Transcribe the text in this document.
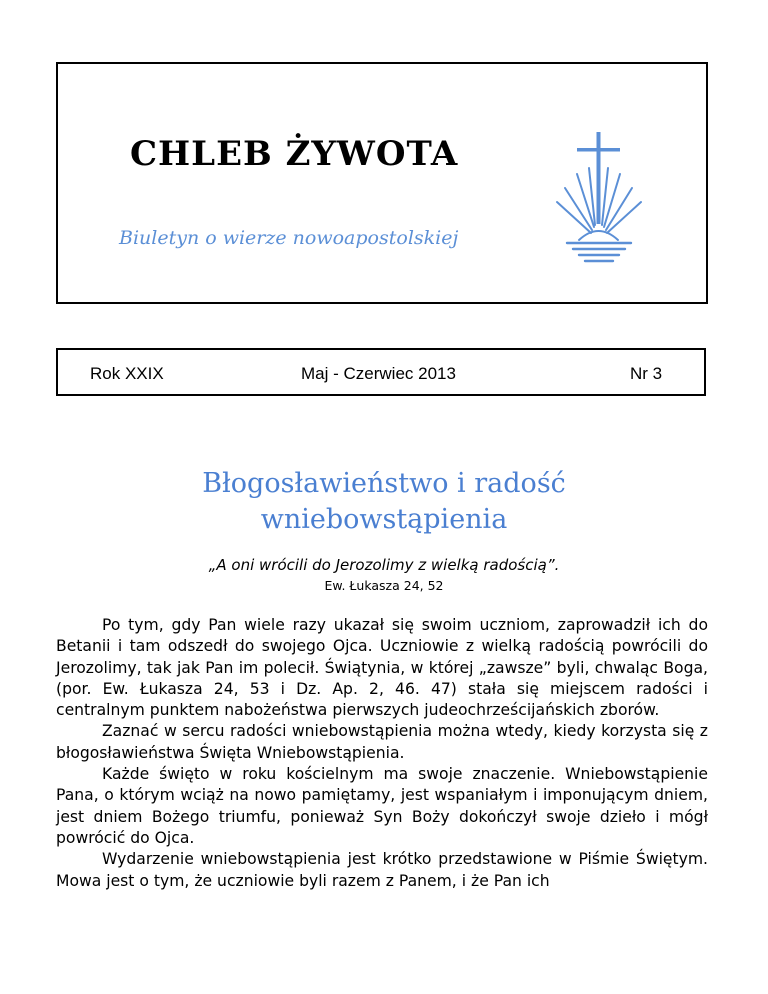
CHLEB ŻYWOTA
Biuletyn o wierze nowoapostolskiej
Rok XXIX	Maj - Czerwiec 2013	Nr 3
Błogosławieństwo i radość
wniebowstąpienia
„A oni wrócili do Jerozolimy z wielką radością”.
Ew. Łukasza 24, 52

Po tym, gdy Pan wiele razy ukazał się swoim uczniom, zaprowadził ich do Betanii i tam odszedł do swojego Ojca. Uczniowie z wielką radością powrócili do Jerozolimy, tak jak Pan im polecił. Świątynia, w której „zawsze” byli, chwaląc Boga, (por. Ew. Łukasza 24, 53 i Dz. Ap. 2, 46. 47) stała się miejscem radości i centralnym punktem nabożeństwa pierwszych judeochrześcijańskich zborów.

Zaznać w sercu radości wniebowstąpienia można wtedy, kiedy korzysta się z błogosławieństwa Święta Wniebowstąpienia.

Każde święto w roku kościelnym ma swoje znaczenie. Wniebowstąpienie Pana, o którym wciąż na nowo pamiętamy, jest wspaniałym i imponującym dniem, jest dniem Bożego triumfu, ponieważ Syn Boży dokończył swoje dzieło i mógł powrócić do Ojca.

Wydarzenie wniebowstąpienia jest krótko przedstawione w Piśmie Świętym. Mowa jest o tym, że uczniowie byli razem z Panem, i że Pan ich
